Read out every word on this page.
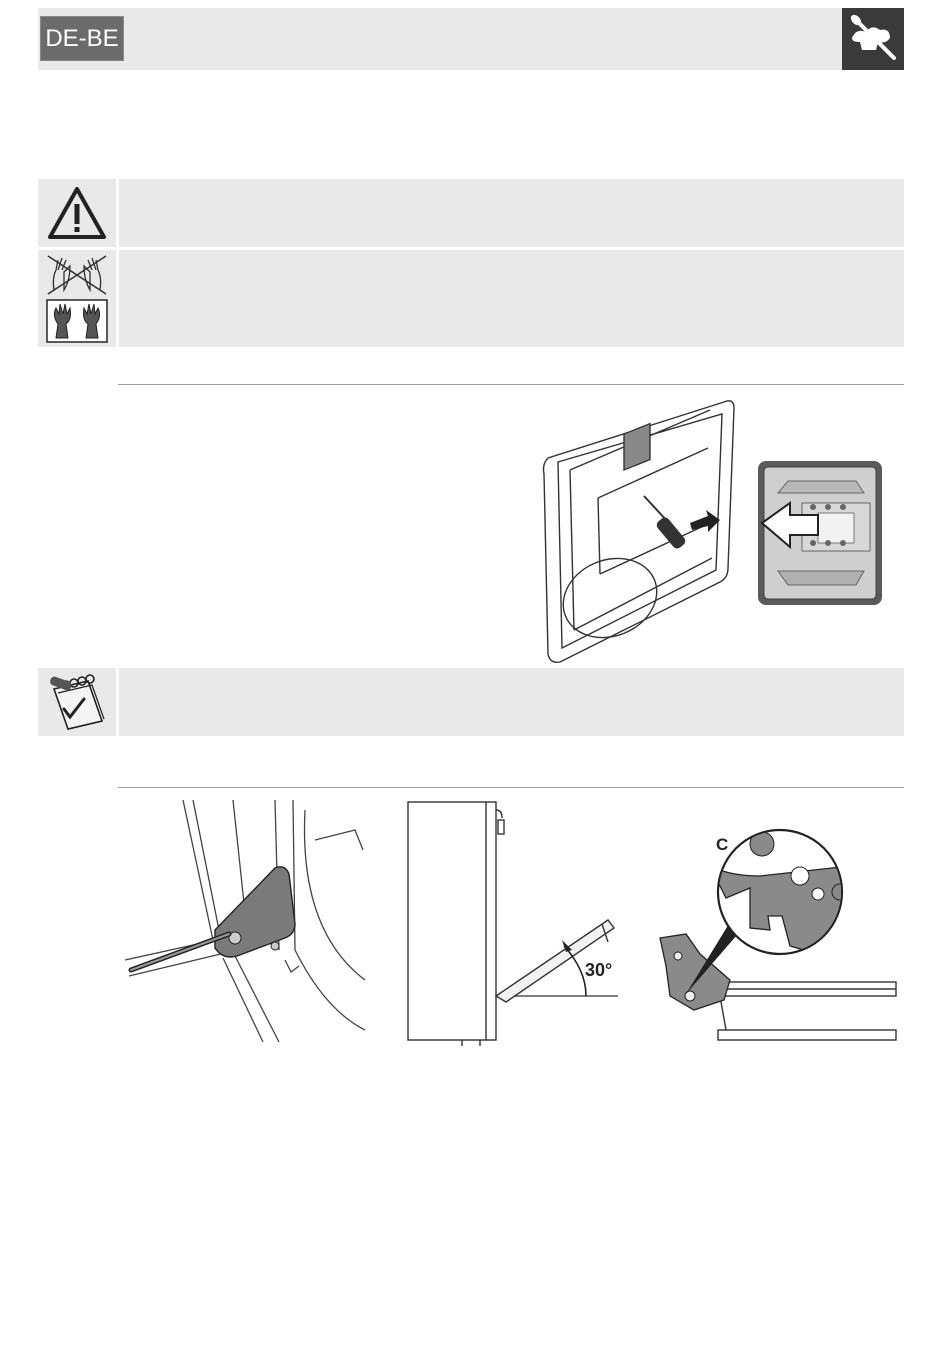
DE-BE
30°
C
